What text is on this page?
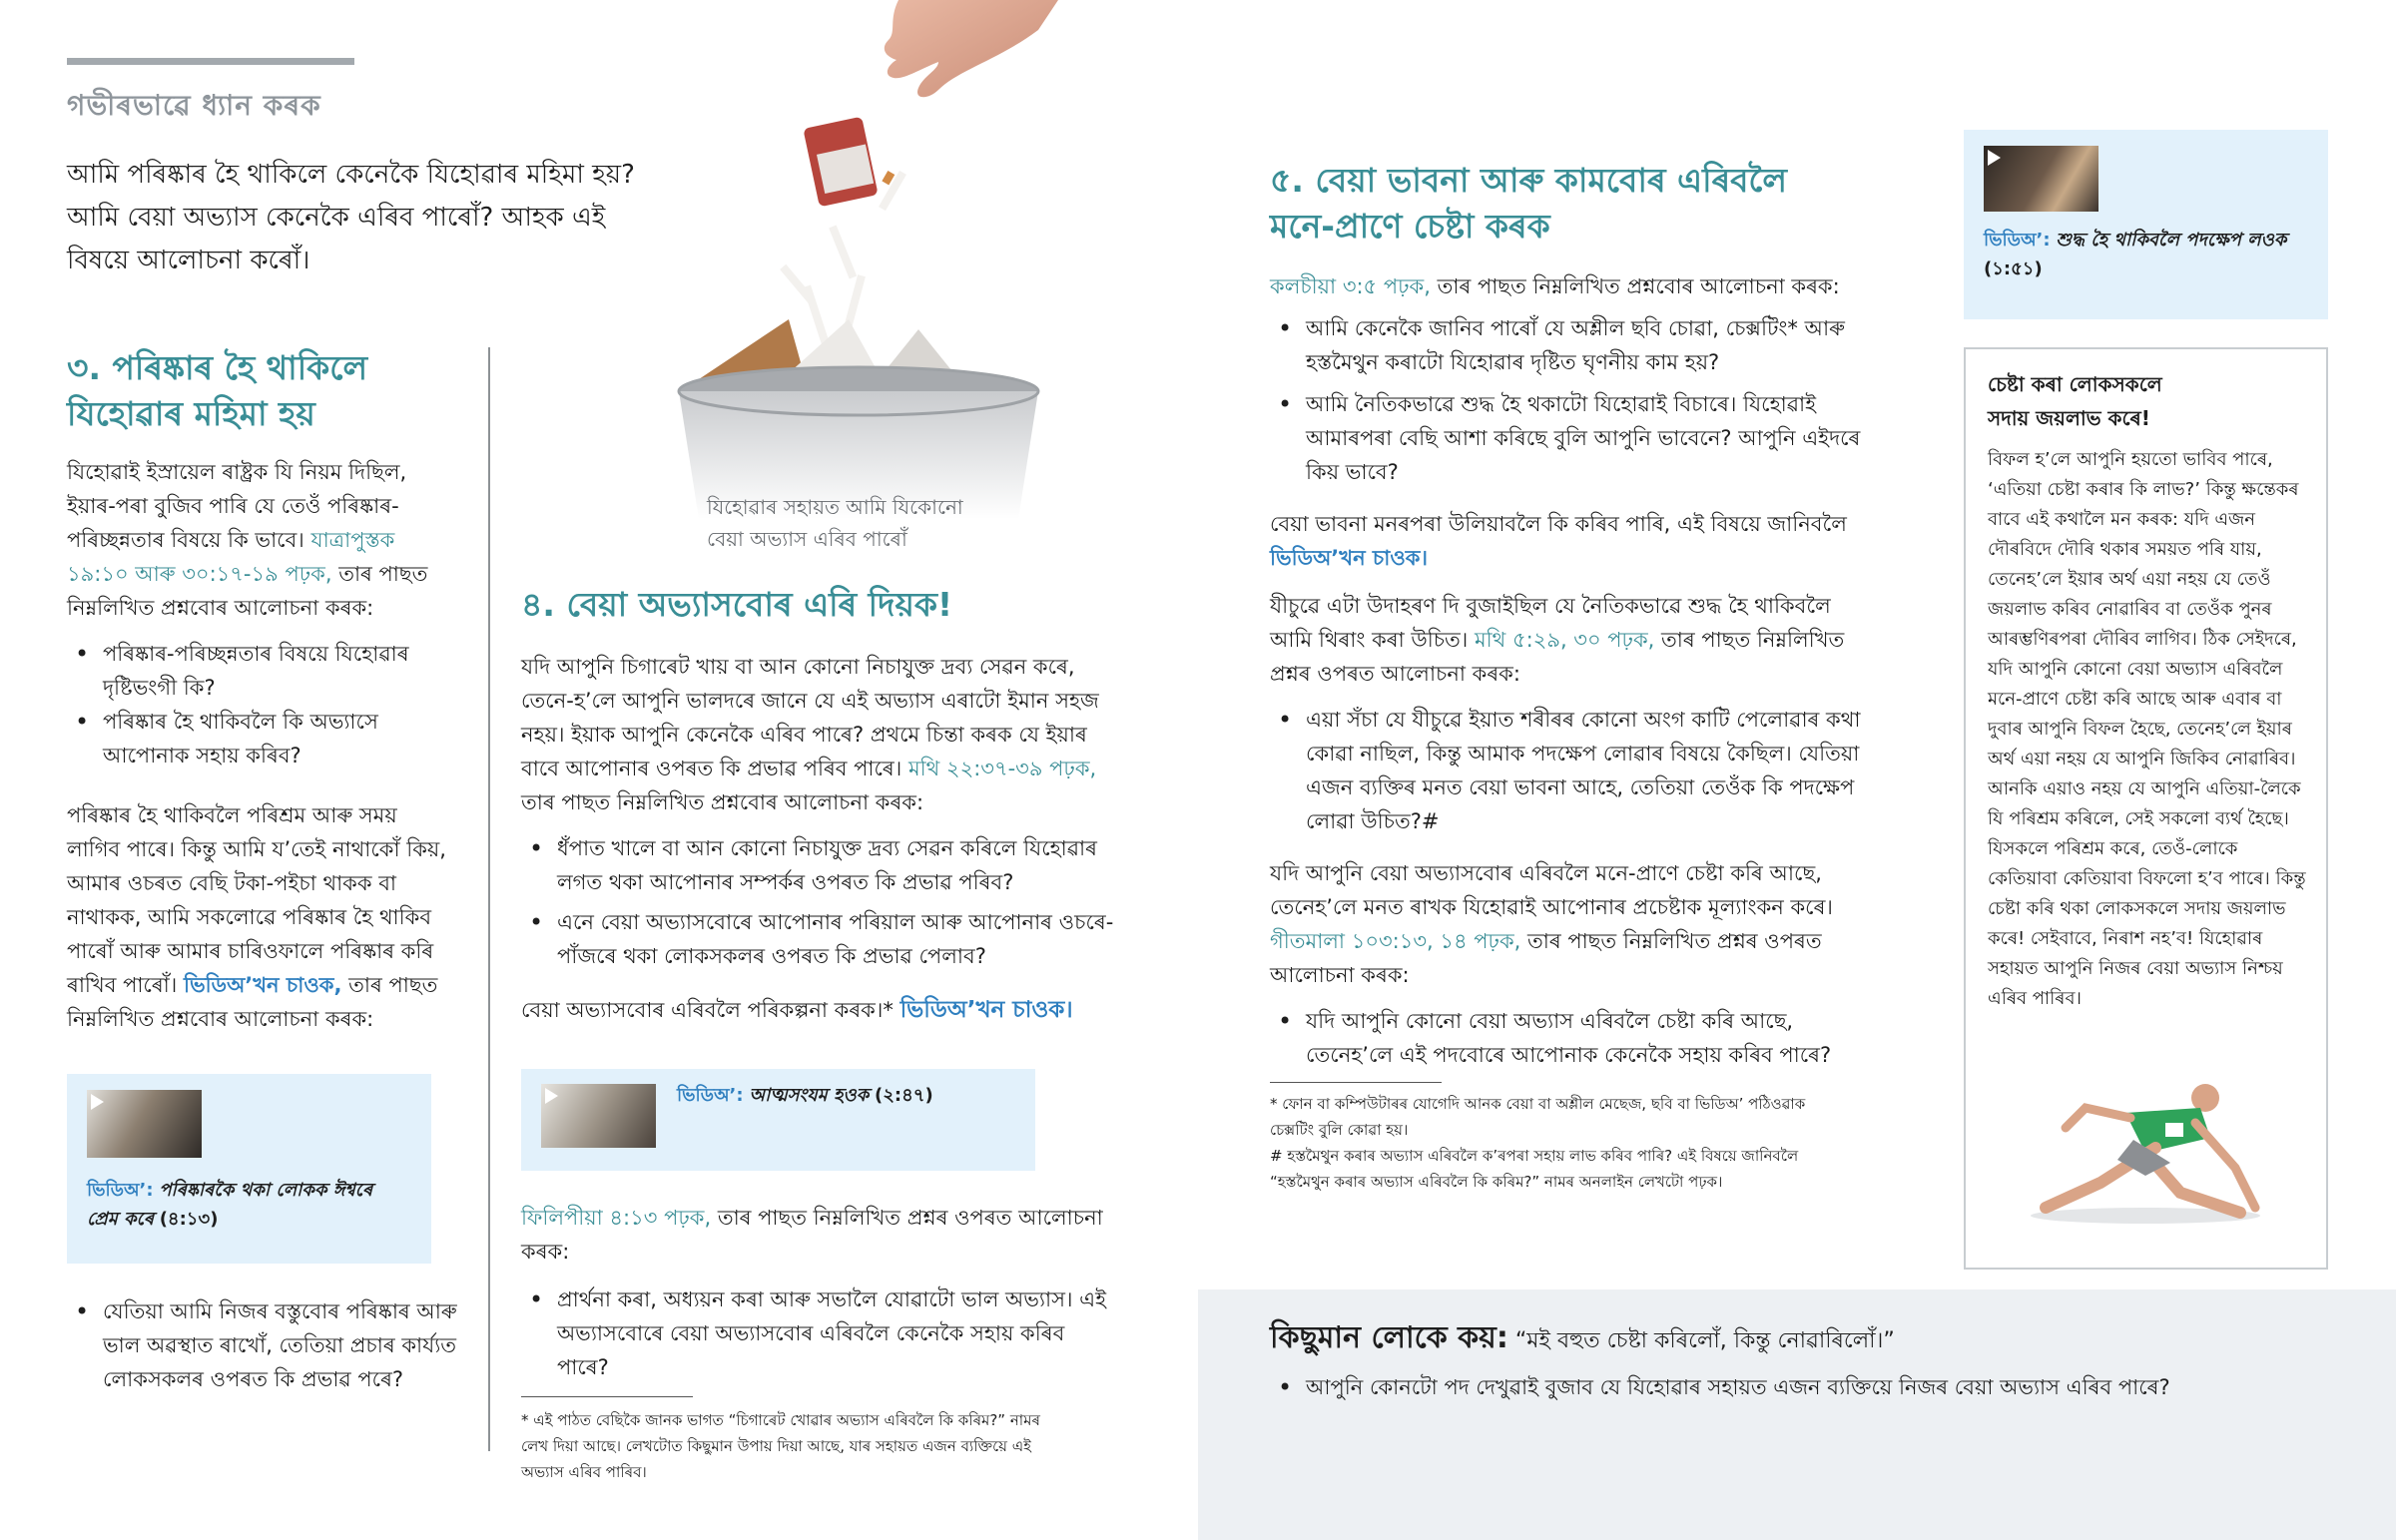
গভীৰভাৱে ধ্যান কৰক

আমি পৰিষ্কাৰ হৈ থাকিলে কেনেকৈ যিহোৱাৰ মহিমা হয়? আমি বেয়া অভ্যাস কেনেকৈ এৰিব পাৰোঁ? আহক এই বিষয়ে আলোচনা কৰোঁ।

যিহোৱাৰ সহায়ত আমি যিকোনো বেয়া অভ্যাস এৰিব পাৰোঁ

৩. পৰিষ্কাৰ হৈ থাকিলে যিহোৱাৰ মহিমা হয়

যিহোৱাই ইস্ৰায়েল ৰাষ্ট্ৰক যি নিয়ম দিছিল, ইয়াৰ-পৰা বুজিব পাৰি যে তেওঁ পৰিষ্কাৰ-পৰিচ্ছন্নতাৰ বিষয়ে কি ভাবে। যাত্ৰাপুস্তক ১৯:১০ আৰু ৩০:১৭-১৯ পঢ়ক, তাৰ পাছত নিম্নলিখিত প্ৰশ্নবোৰ আলোচনা কৰক:

• পৰিষ্কাৰ-পৰিচ্ছন্নতাৰ বিষয়ে যিহোৱাৰ দৃষ্টিভংগী কি?
• পৰিষ্কাৰ হৈ থাকিবলৈ কি অভ্যাসে আপোনাক সহায় কৰিব?

পৰিষ্কাৰ হৈ থাকিবলৈ পৰিশ্ৰম আৰু সময় লাগিব পাৰে। কিন্তু আমি য’তেই নাথাকোঁ কিয়, আমাৰ ওচৰত বেছি টকা-পইচা থাকক বা নাথাকক, আমি সকলোৱে পৰিষ্কাৰ হৈ থাকিব পাৰোঁ আৰু আমাৰ চাৰিওফালে পৰিষ্কাৰ কৰি ৰাখিব পাৰোঁ। ভিডিঅ’খন চাওক, তাৰ পাছত নিম্নলিখিত প্ৰশ্নবোৰ আলোচনা কৰক:

ভিডিঅ’: পৰিষ্কাৰকৈ থকা লোকক ঈশ্বৰে প্ৰেম কৰে (৪:১৩)

• যেতিয়া আমি নিজৰ বস্তুবোৰ পৰিষ্কাৰ আৰু ভাল অৱস্থাত ৰাখোঁ, তেতিয়া প্ৰচাৰ কাৰ্য্যত লোকসকলৰ ওপৰত কি প্ৰভাৱ পৰে?
৪. বেয়া অভ্যাসবোৰ এৰি দিয়ক!

যদি আপুনি চিগাৰেট খায় বা আন কোনো নিচাযুক্ত দ্ৰব্য সেৱন কৰে, তেনে-হ’লে আপুনি ভালদৰে জানে যে এই অভ্যাস এৰাটো ইমান সহজ নহয়। ইয়াক আপুনি কেনেকৈ এৰিব পাৰে? প্ৰথমে চিন্তা কৰক যে ইয়াৰ বাবে আপোনাৰ ওপৰত কি প্ৰভাৱ পৰিব পাৰে। মথি ২২:৩৭-৩৯ পঢ়ক, তাৰ পাছত নিম্নলিখিত প্ৰশ্নবোৰ আলোচনা কৰক:

• ধঁপাত খালে বা আন কোনো নিচাযুক্ত দ্ৰব্য সেৱন কৰিলে যিহোৱাৰ লগত থকা আপোনাৰ সম্পৰ্কৰ ওপৰত কি প্ৰভাৱ পৰিব?
• এনে বেয়া অভ্যাসবোৰে আপোনাৰ পৰিয়াল আৰু আপোনাৰ ওচৰে-পাঁজৰে থকা লোকসকলৰ ওপৰত কি প্ৰভাৱ পেলাব?

বেয়া অভ্যাসবোৰ এৰিবলৈ পৰিকল্পনা কৰক।* ভিডিঅ’খন চাওক।

ভিডিঅ’: আত্মসংযম হওক (২:৪৭)

ফিলিপীয়া ৪:১৩ পঢ়ক, তাৰ পাছত নিম্নলিখিত প্ৰশ্নৰ ওপৰত আলোচনা কৰক:

• প্ৰাৰ্থনা কৰা, অধ্যয়ন কৰা আৰু সভালৈ যোৱাটো ভাল অভ্যাস। এই অভ্যাসবোৰে বেয়া অভ্যাসবোৰ এৰিবলৈ কেনেকৈ সহায় কৰিব পাৰে?

* এই পাঠত বেছিকৈ জানক ভাগত “চিগাৰেট খোৱাৰ অভ্যাস এৰিবলৈ কি কৰিম?” নামৰ লেখ দিয়া আছে। লেখটোত কিছুমান উপায় দিয়া আছে, যাৰ সহায়ত এজন ব্যক্তিয়ে এই অভ্যাস এৰিব পাৰিব।

৫. বেয়া ভাবনা আৰু কামবোৰ এৰিবলৈ মনে-প্ৰাণে চেষ্টা কৰক

কলচীয়া ৩:৫ পঢ়ক, তাৰ পাছত নিম্নলিখিত প্ৰশ্নবোৰ আলোচনা কৰক:

• আমি কেনেকৈ জানিব পাৰোঁ যে অশ্লীল ছবি চোৱা, চেক্সটিং* আৰু হস্তমৈথুন কৰাটো যিহোৱাৰ দৃষ্টিত ঘৃণনীয় কাম হয়?
• আমি নৈতিকভাৱে শুদ্ধ হৈ থকাটো যিহোৱাই বিচাৰে। যিহোৱাই আমাৰপৰা বেছি আশা কৰিছে বুলি আপুনি ভাবেনে? আপুনি এইদৰে কিয় ভাবে?

বেয়া ভাবনা মনৰপৰা উলিয়াবলৈ কি কৰিব পাৰি, এই বিষয়ে জানিবলৈ ভিডিঅ’খন চাওক।

যীচুৱে এটা উদাহৰণ দি বুজাইছিল যে নৈতিকভাৱে শুদ্ধ হৈ থাকিবলৈ আমি থিৰাং কৰা উচিত। মথি ৫:২৯, ৩০ পঢ়ক, তাৰ পাছত নিম্নলিখিত প্ৰশ্নৰ ওপৰত আলোচনা কৰক:

• এয়া সঁচা যে যীচুৱে ইয়াত শৰীৰৰ কোনো অংগ কাটি পেলোৱাৰ কথা কোৱা নাছিল, কিন্তু আমাক পদক্ষেপ লোৱাৰ বিষয়ে কৈছিল। যেতিয়া এজন ব্যক্তিৰ মনত বেয়া ভাবনা আহে, তেতিয়া তেওঁক কি পদক্ষেপ লোৱা উচিত?#

যদি আপুনি বেয়া অভ্যাসবোৰ এৰিবলৈ মনে-প্ৰাণে চেষ্টা কৰি আছে, তেনেহ’লে মনত ৰাখক যিহোৱাই আপোনাৰ প্ৰচেষ্টাক মূল্যাংকন কৰে। গীতমালা ১০৩:১৩, ১৪ পঢ়ক, তাৰ পাছত নিম্নলিখিত প্ৰশ্নৰ ওপৰত আলোচনা কৰক:

• যদি আপুনি কোনো বেয়া অভ্যাস এৰিবলৈ চেষ্টা কৰি আছে, তেনেহ’লে এই পদবোৰে আপোনাক কেনেকৈ সহায় কৰিব পাৰে?

* ফোন বা কম্পিউটাৰৰ যোগেদি আনক বেয়া বা অশ্লীল মেছেজ, ছবি বা ভিডিঅ’ পঠিওৱাক চেক্সটিং বুলি কোৱা হয়।

# হস্তমৈথুন কৰাৰ অভ্যাস এৰিবলৈ ক’ৰপৰা সহায় লাভ কৰিব পাৰি? এই বিষয়ে জানিবলৈ “হস্তমৈথুন কৰাৰ অভ্যাস এৰিবলৈ কি কৰিম?” নামৰ অনলাইন লেখটো পঢ়ক।

ভিডিঅ’: শুদ্ধ হৈ থাকিবলৈ পদক্ষেপ লওক (১:৫১)

চেষ্টা কৰা লোকসকলে সদায় জয়লাভ কৰে!

বিফল হ’লে আপুনি হয়তো ভাবিব পাৰে, ‘এতিয়া চেষ্টা কৰাৰ কি লাভ?’ কিন্তু ক্ষন্তেকৰ বাবে এই কথালৈ মন কৰক: যদি এজন দৌৰবিদে দৌৰি থকাৰ সময়ত পৰি যায়, তেনেহ’লে ইয়াৰ অৰ্থ এয়া নহয় যে তেওঁ জয়লাভ কৰিব নোৱাৰিব বা তেওঁক পুনৰ আৰম্ভণিৰপৰা দৌৰিব লাগিব। ঠিক সেইদৰে, যদি আপুনি কোনো বেয়া অভ্যাস এৰিবলৈ মনে-প্ৰাণে চেষ্টা কৰি আছে আৰু এবাৰ বা দুবাৰ আপুনি বিফল হৈছে, তেনেহ’লে ইয়াৰ অৰ্থ এয়া নহয় যে আপুনি জিকিব নোৱাৰিব। আনকি এয়াও নহয় যে আপুনি এতিয়া-লৈকে যি পৰিশ্ৰম কৰিলে, সেই সকলো ব্যৰ্থ হৈছে। যিসকলে পৰিশ্ৰম কৰে, তেওঁ-লোকে কেতিয়াবা কেতিয়াবা বিফলো হ’ব পাৰে। কিন্তু চেষ্টা কৰি থকা লোকসকলে সদায় জয়লাভ কৰে! সেইবাবে, নিৰাশ নহ’ব! যিহোৱাৰ সহায়ত আপুনি নিজৰ বেয়া অভ্যাস নিশ্চয় এৰিব পাৰিব।

কিছুমান লোকে কয়: “মই বহুত চেষ্টা কৰিলোঁ, কিন্তু নোৱাৰিলোঁ।”

• আপুনি কোনটো পদ দেখুৱাই বুজাব যে যিহোৱাৰ সহায়ত এজন ব্যক্তিয়ে নিজৰ বেয়া অভ্যাস এৰিব পাৰে?
